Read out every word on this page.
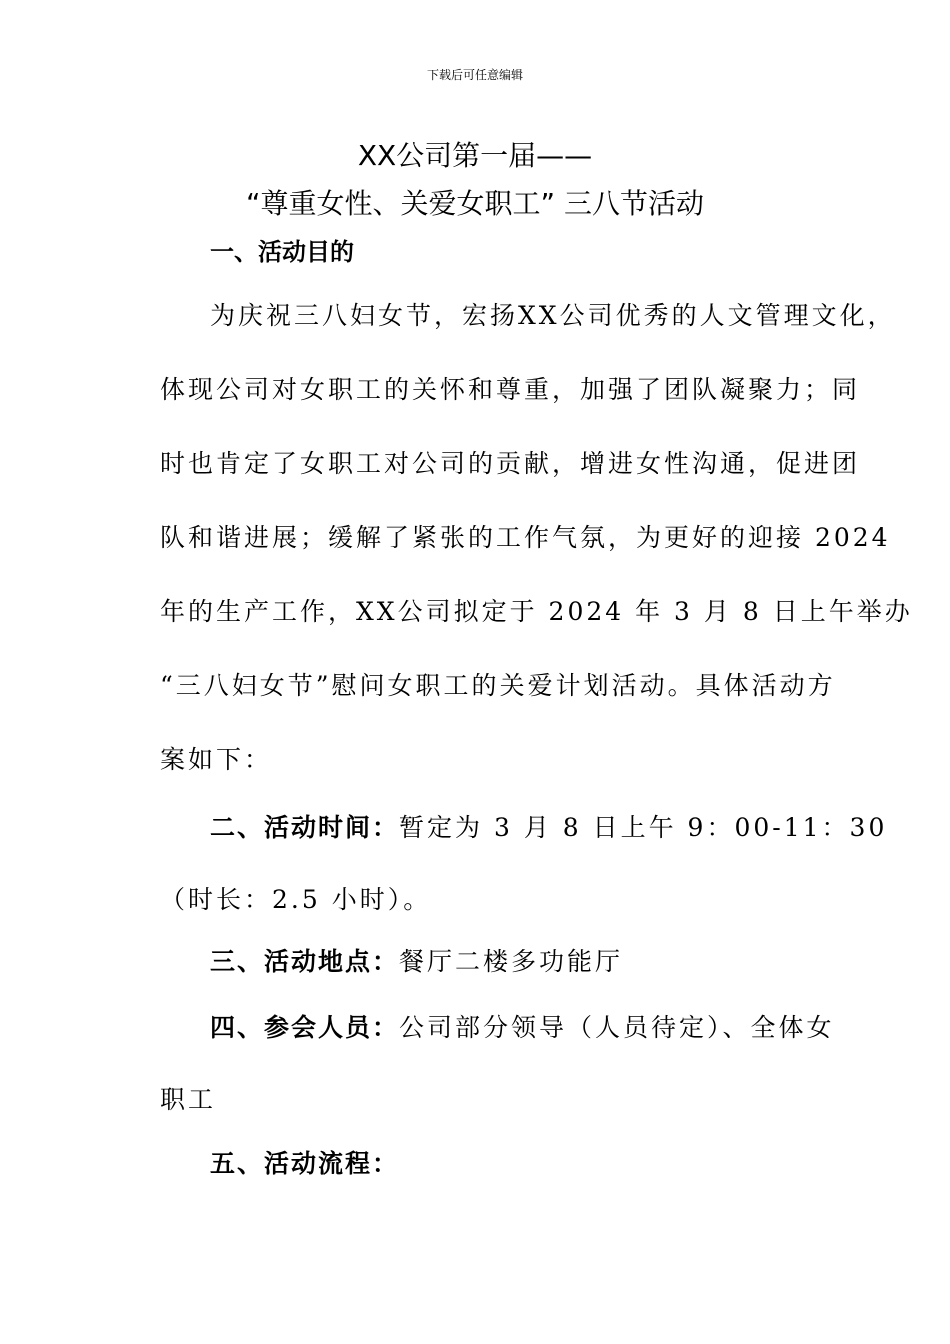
下载后可任意编辑
XX公司第一届——
“尊重女性、关爱女职工” 三八节活动
一、活动目的
为庆祝三八妇女节，宏扬XX公司优秀的人文管理文化，
体现公司对女职工的关怀和尊重，加强了团队凝聚力；同
时也肯定了女职工对公司的贡献，增进女性沟通，促进团
队和谐进展；缓解了紧张的工作气氛，为更好的迎接 2024
年的生产工作，XX公司拟定于 2024 年 3 月 8 日上午举办
“三八妇女节”慰问女职工的关爱计划活动。具体活动方
案如下：
二、活动时间：暂定为 3 月 8 日上午 9：00-11：30
（时长：2.5 小时）。
三、活动地点：餐厅二楼多功能厅
四、参会人员：公司部分领导（人员待定）、全体女
职工
五、活动流程：
